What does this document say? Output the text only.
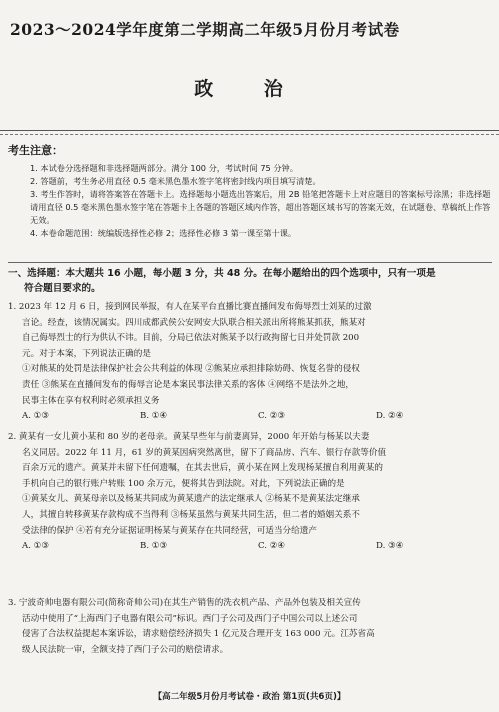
2023～2024学年度第二学期高二年级5月份月考试卷
政 治
考生注意：
1. 本试卷分选择题和非选择题两部分。满分 100 分，考试时间 75 分钟。
2. 答题前，考生务必用直径 0.5 毫米黑色墨水签字笔将密封线内项目填写清楚。
3. 考生作答时，请将答案答在答题卡上。选择题每小题选出答案后，用 2B 铅笔把答题卡上对应题目的答案标号涂黑；非选择题请用直径 0.5 毫米黑色墨水签字笔在答题卡上各题的答题区域内作答，超出答题区域书写的答案无效，在试题卷、草稿纸上作答无效。
4. 本卷命题范围：统编版选择性必修 2；选择性必修 3 第一课至第十课。
一、选择题：本大题共 16 小题，每小题 3 分，共 48 分。在每小题给出的四个选项中，只有一项是
符合题目要求的。

1. 2023 年 12 月 6 日，接到网民举报，有人在某平台直播比赛直播间发布侮辱烈士刘某的过激

言论。经查，该情况属实。四川成都武侯公安网安大队联合相关派出所将熊某抓获，熊某对

自己侮辱烈士的行为供认不讳。目前，分局已依法对熊某予以行政拘留七日并处罚款 200

元。对于本案，下列说法正确的是

①对熊某的处罚是法律保护社会公共利益的体现 ②熊某应承担排除妨碍、恢复名誉的侵权

责任 ③熊某在直播间发布的侮辱言论是本案民事法律关系的客体 ④网络不是法外之地，

民事主体在享有权利时必须承担义务

A. ①③	B. ①④	C. ②③	D. ②④

2. 黄某有一女儿黄小某和 80 岁的老母亲。黄某早些年与前妻离异，2000 年开始与杨某以夫妻

名义同居。2022 年 11 月，61 岁的黄某因病突然离世，留下了商品房、汽车、银行存款等价值

百余万元的遗产。黄某并未留下任何遗嘱，在其去世后，黄小某在网上发现杨某擅自利用黄某的

手机向自己的银行账户转账 100 余万元，便将其告到法院。对此，下列说法正确的是

①黄某女儿、黄某母亲以及杨某共同成为黄某遗产的法定继承人 ②杨某不是黄某法定继承

人，其擅自转移黄某存款构成不当得利 ③杨某虽然与黄某共同生活，但二者的婚姻关系不

受法律的保护 ④若有充分证据证明杨某与黄某存在共同经营，可适当分给遗产

A. ①③	B. ①③	C. ②④	D. ③④

3. 宁波奇帅电器有限公司(简称奇帅公司)在其生产销售的洗衣机产品、产品外包装及相关宣传

活动中使用了“上海西门子电器有限公司”标识。西门子公司及西门子中国公司以上述公司

侵害了合法权益提起本案诉讼，请求赔偿经济损失 1 亿元及合理开支 163 000 元。江苏省高

级人民法院一审，全额支持了西门子公司的赔偿请求。

【高二年级5月份月考试卷・政治 第1页(共6页)】
